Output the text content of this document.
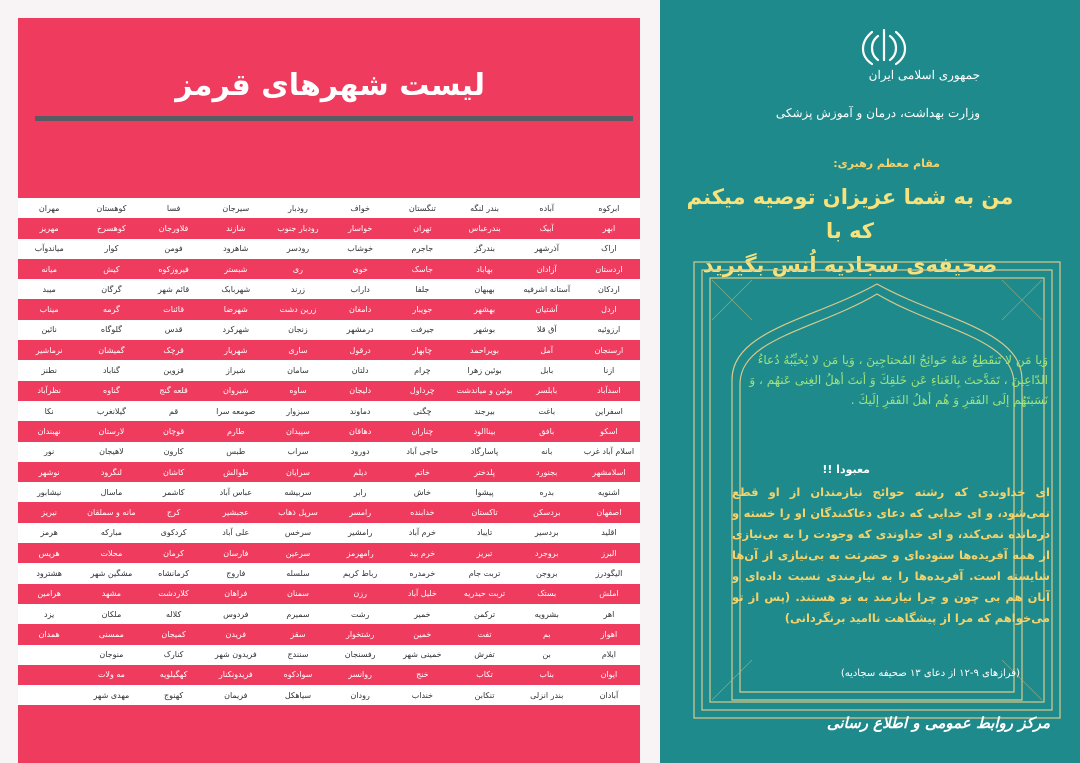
لیست شهرهای قرمز
ابرکوه	آباده	بندر لنگه	تنگستان	خواف	رودبار	سیرجان	فسا	کوهستان	مهران
ابهر	آبیک	بندرعباس	تهران	خواسار	رودبار جنوب	شازند	فلاورجان	کوهسرخ	مهریز
اراک	آذرشهر	بندرگز	جاجرم	خوشاب	رودسر	شاهرود	فومن	کوار	میاندوآب
اردستان	آزادان	بهاباد	جاسک	خوی	ری	شبستر	فیروزکوه	کیش	میانه
اردکان	آستانه اشرفیه	بهبهان	جلفا	داراب	زرند	شهربابک	قائم شهر	گرگان	میبد
اردل	آشتیان	بهشهر	جویبار	دامغان	زرین دشت	شهرضا	قائنات	گرمه	میناب
ارزوئیه	آق قلا	بوشهر	جیرفت	درمشهر	زنجان	شهرکرد	قدس	گلوگاه	نائین
ارسنجان	آمل	بویراحمد	چابهار	درقول	ساری	شهریار	قرچک	گمیشان	نرماشیر
ازنا	بابل	بوئین زهرا	چرام	دلتان	سامان	شیراز	قزوین	گناباد	نطنز
اسدآباد	بابلسر	بوئین و میاندشت	چرداول	دلیجان	ساوه	شیروان	قلعه گنج	گناوه	نظرآباد
اسفراین	باغت	بیرجند	چگنی	دماوند	سبزوار	صومعه سرا	قم	گیلانغرب	نکا
اسکو	بافق	بیناالود	چناران	دهاقان	سپیدان	طارم	قوچان	لارستان	نهبندان
اسلام آباد غرب	بانه	پاسارگاد	حاجی آباد	دورود	سراب	طبس	کارون	لاهیجان	نور
اسلامشهر	بجنورد	پلدختر	خاتم	دیلم	سرایان	طوالش	کاشان	لنگرود	نوشهر
اشنویه	بدره	پیشوا	خاش	رابر	سربیشه	عباس آباد	کاشمر	ماسال	نیشابور
اصفهان	بردسکن	تاکستان	خدابنده	رامسر	سرپل ذهاب	عجبشیر	کرج	مانه و سملقان	نیریز
اقلید	بردسیر	تایباد	خرم آباد	رامشیر	سرخس	علی آباد	کردکوی	مبارکه	هرمز
البرز	بروجرد	تبریز	خرم بید	رامهرمز	سرعین	فارسان	کرمان	محلات	هریس
الیگودرز	بروجن	تربت جام	خرمدره	رباط کریم	سلسله	فاروج	کرمانشاه	مشگین شهر	هشترود
املش	بستک	تربت حیدریه	خلیل آباد	رزن	سمنان	فراهان	کلاردشت	مشهد	هرامین
اهر	بشرویه	ترکمن	خمیر	رشت	سمیرم	فردوس	کلاله	ملکان	یزد
اهواز	بم	تفت	خمین	رشتخوار	سقز	فریدن	کمیجان	ممسنی	همدان
ایلام	بن	تفرش	خمینی شهر	رفسنجان	سنندج	فریدون شهر	کنارک	منوجان	
ایوان	بناب	تکاب	خنج	روانسر	سوادکوه	فریدونکنار	کهگیلویه	مه ولات	
آبادان	بندر انزلی	تنکابن	خنداب	رودان	سیاهکل	فریمان	کهنوج	مهدی شهر	
جمهوری اسلامی ایران
وزارت بهداشت، درمان و آموزش پزشکی
مقام معظم رهبری:
من به شما عزیزان توصیه میکنم که با
صحیفه‌ی سجادیه اُنس بگیرید
وَيا مَن لا تَنقَطِعُ عَنهُ حَوائِجُ المُحتاجِينَ ، وَيا مَن لا يُخيِّبُهُ دُعاءُ الدّاعِينَ ، تَمَدَّحتَ بِالغَناءِ عَن خَلقِكَ وَ أنتَ أهلُ الغِنى عَنهُم ، وَ نَسَبتَهُم إلَى الفَقرِ وَ هُم أهلُ الفَقرِ إلَيكَ .
معبودا !!
ای خداوندی که رشته حوائج نیازمندان از او قطع نمی‌شود، و ای خدایی که دعای دعاکنندگان او را خسته و درمانده نمی‌کند، و ای خداوندی که وجودت را به بی‌نیازی از همه آفریده‌ها ستوده‌ای و حضرتت به بی‌نیازی از آن‌ها شایسته است. آفریده‌ها را به نیازمندی نسبت داده‌ای و آنان هم بی چون و چرا نیازمند به تو هستند. (پس از تو می‌خواهم که مرا از پیشگاهت ناامید برنگردانی)
(فرازهای ۹-۱۲ از دعای ۱۳ صحیفه سجادیه)
مرکز روابط عمومی و اطلاع رسانی
